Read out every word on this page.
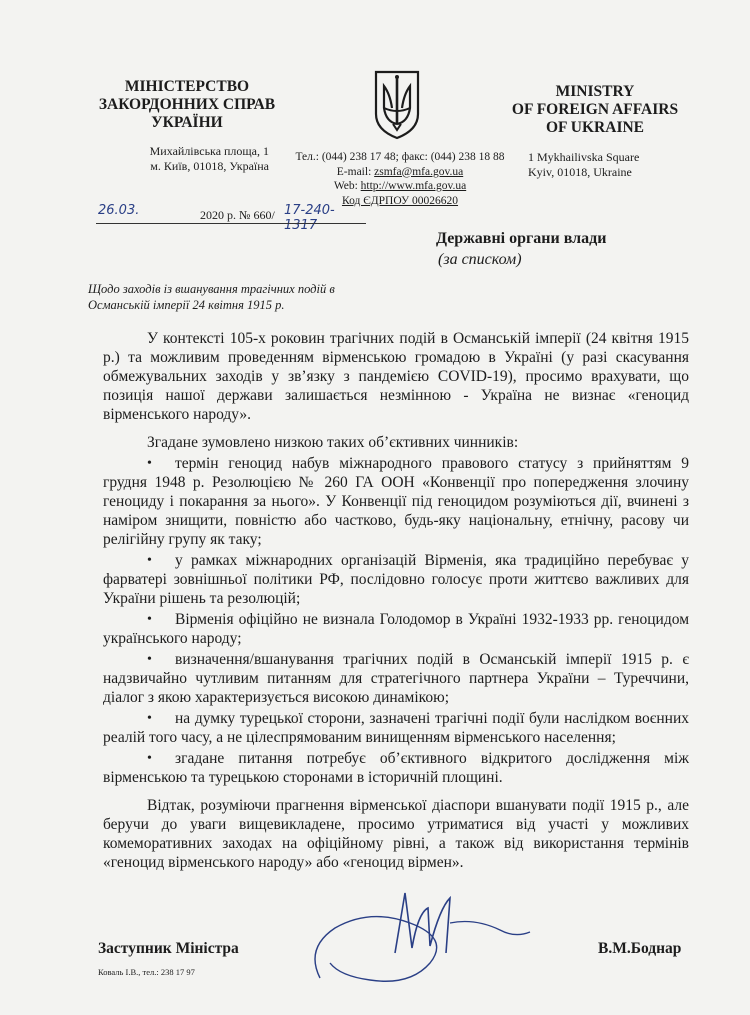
МІНІСТЕРСТВО
ЗАКОРДОННИХ СПРАВ
УКРАЇНИ
MINISTRY
OF FOREIGN AFFAIRS
OF UKRAINE
Михайлівська площа, 1
м. Київ, 01018, Україна
Тел.: (044) 238 17 48; факс: (044) 238 18 88
E-mail: zsmfa@mfa.gov.ua
Web: http://www.mfa.gov.ua
Код ЄДРПОУ 00026620
1 Mykhailivska Square
Kyiv, 01018, Ukraine
26.03.	2020 р. № 660/ 17-240-1317
Державні органи влади
(за списком)
Щодо заходів із вшанування трагічних подій в Османській імперії 24 квітня 1915 р.

У контексті 105-х роковин трагічних подій в Османській імперії (24 квітня 1915 р.) та можливим проведенням вірменською громадою в Україні (у разі скасування обмежувальних заходів у зв’язку з пандемією COVID-19), просимо врахувати, що позиція нашої держави залишається незмінною - Україна не визнає «геноцид вірменського народу».

Згадане зумовлено низкою таких об’єктивних чинників:

• термін геноцид набув міжнародного правового статусу з прийняттям 9 грудня 1948 р. Резолюцією № 260 ГА ООН «Конвенції про попередження злочину геноциду і покарання за нього». У Конвенції під геноцидом розуміються дії, вчинені з наміром знищити, повністю або частково, будь-яку національну, етнічну, расову чи релігійну групу як таку;
• у рамках міжнародних організацій Вірменія, яка традиційно перебуває у фарватері зовнішньої політики РФ, послідовно голосує проти життєво важливих для України рішень та резолюцій;
• Вірменія офіційно не визнала Голодомор в Україні 1932-1933 рр. геноцидом українського народу;
• визначення/вшанування трагічних подій в Османській імперії 1915 р. є надзвичайно чутливим питанням для стратегічного партнера України – Туреччини, діалог з якою характеризується високою динамікою;
• на думку турецької сторони, зазначені трагічні події були наслідком воєнних реалій того часу, а не цілеспрямованим винищенням вірменського населення;
• згадане питання потребує об’єктивного відкритого дослідження між вірменською та турецькою сторонами в історичній площині.

Відтак, розуміючи прагнення вірменської діаспори вшанувати події 1915 р., але беручи до уваги вищевикладене, просимо утриматися від участі у можливих комеморативних заходах на офіційному рівні, а також від використання термінів «геноцид вірменського народу» або «геноцид вірмен».

Заступник Міністра	В.М.Боднар
Коваль І.В., тел.: 238 17 97
